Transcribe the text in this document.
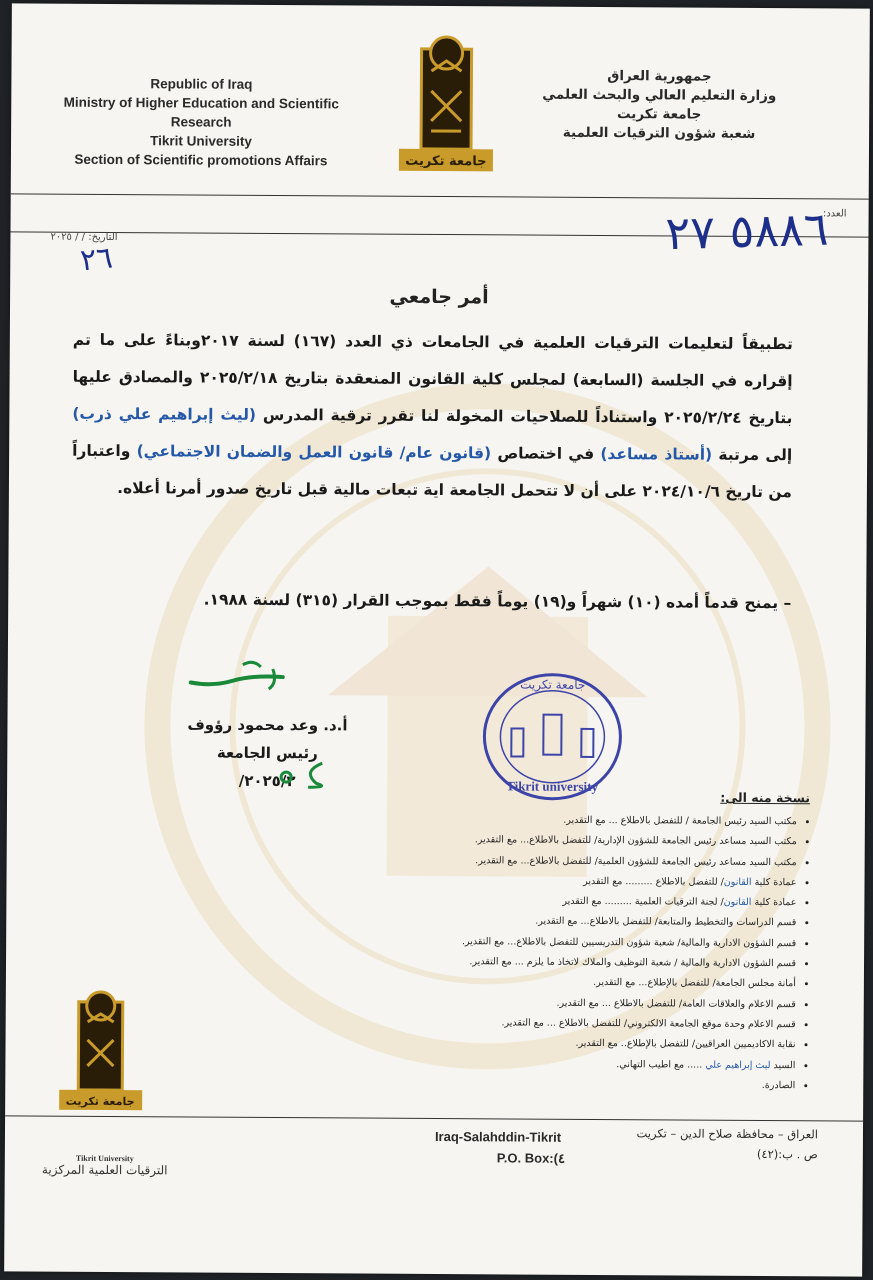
Republic of Iraq
Ministry of Higher Education and Scientific
Research
Tikrit University
Section of Scientific promotions Affairs	جامعة تكريت
جمهورية العراق
وزارة التعليم العالي والبحث العلمي
جامعة تكريت
شعبة شؤون الترقيات العلمية
العدد:
٥٨٨٦ ٢٧
التاريخ: / / ٢٠٢٥
٢٦
أمر جامعي
تطبيقاً لتعليمات الترقيات العلمية في الجامعات ذي العدد (١٦٧) لسنة ٢٠١٧وبناءً على ما تم إقراره في الجلسة (السابعة) لمجلس كلية القانون المنعقدة بتاريخ ٢٠٢٥/٢/١٨ والمصادق عليها بتاريخ ٢٠٢٥/٢/٢٤ واستناداً للصلاحيات المخولة لنا تقرر ترقية المدرس (ليث إبراهيم علي ذرب) إلى مرتبة (أستاذ مساعد) في اختصاص (قانون عام/ قانون العمل والضمان الاجتماعي) واعتباراً من تاريخ ٢٠٢٤/١٠/٦ على أن لا تتحمل الجامعة اية تبعات مالية قبل تاريخ صدور أمرنا أعلاه.
– يمنح قدماً أمده (١٠) شهراً و(١٩) يوماً فقط بموجب القرار (٣١٥) لسنة ١٩٨٨.
أ.د. وعد محمود رؤوف
رئيس الجامعة
٢٠٢٥/٢/
جامعة تكريت
Tikrit university
نسخة منه الى:
• مكتب السيد رئيس الجامعة / للتفضل بالاطلاع ... مع التقدير.
• مكتب السيد مساعد رئيس الجامعة للشؤون الإدارية/ للتفضل بالاطلاع... مع التقدير.
• مكتب السيد مساعد رئيس الجامعة للشؤون العلمية/ للتفضل بالاطلاع... مع التقدير.
• عمادة كلية القانون/ للتفضل بالاطلاع ......... مع التقدير
• عمادة كلية القانون/ لجنة الترقيات العلمية ......... مع التقدير
• قسم الدراسات والتخطيط والمتابعة/ للتفضل بالاطلاع... مع التقدير.
• قسم الشؤون الادارية والمالية/ شعبة شؤون التدريسيين للتفضل بالاطلاع... مع التقدير.
• قسم الشؤون الادارية والمالية / شعبة التوظيف والملاك لاتخاذ ما يلزم ... مع التقدير.
• أمانة مجلس الجامعة/ للتفضل بالإطلاع... مع التقدير.
• قسم الاعلام والعلاقات العامة/ للتفضل بالاطلاع ... مع التقدير.
• قسم الاعلام وحدة موقع الجامعة الالكتروني/ للتفضل بالاطلاع ... مع التقدير.
• نقابة الاكاديميين العراقيين/ للتفضل بالإطلاع.. مع التقدير.
• السيد ليث إبراهيم علي ..... مع اطيب التهاني.
• الصادرة.
جامعة تكريت
Iraq-Salahddin-Tikrit
P.O. Box:(٤
العراق – محافظة صلاح الدين – تكريت
ص . ب:(٤٢)
Tikrit University
الترقيات العلمية المركزية
